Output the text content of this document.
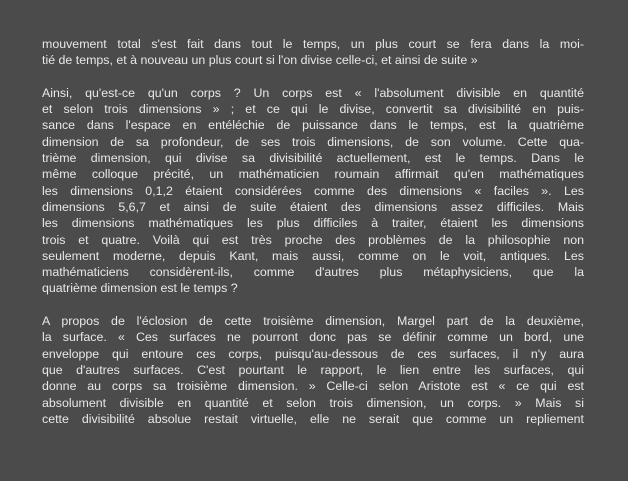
mouvement total s'est fait dans tout le temps, un plus court se fera dans la moi-
tié de temps, et à nouveau un plus court si l'on divise celle-ci, et ainsi de suite »
Ainsi, qu'est-ce qu'un corps ? Un corps est « l'absolument divisible en quantité
et selon trois dimensions » ; et ce qui le divise, convertit sa divisibilité en puis-
sance dans l'espace en entéléchie de puissance dans le temps, est la quatrième
dimension de sa profondeur, de ses trois dimensions, de son volume. Cette qua-
trième dimension, qui divise sa divisibilité actuellement, est le temps. Dans le
même colloque précité, un mathématicien roumain affirmait qu'en mathématiques
les dimensions 0,1,2 étaient considérées comme des dimensions « faciles ». Les
dimensions 5,6,7 et ainsi de suite étaient des dimensions assez difficiles. Mais
les dimensions mathématiques les plus difficiles à traiter, étaient les dimensions
trois et quatre. Voilà qui est très proche des problèmes de la philosophie non
seulement moderne, depuis Kant, mais aussi, comme on le voit, antiques. Les
mathématiciens considèrent-ils, comme d'autres plus métaphysiciens, que la
quatrième dimension est le temps ?
A propos de l'éclosion de cette troisième dimension, Margel part de la deuxième,
la surface. « Ces surfaces ne pourront donc pas se définir comme un bord, une
enveloppe qui entoure ces corps, puisqu'au-dessous de ces surfaces, il n'y aura
que d'autres surfaces. C'est pourtant le rapport, le lien entre les surfaces, qui
donne au corps sa troisième dimension. » Celle-ci selon Aristote est « ce qui est
absolument divisible en quantité et selon trois dimension, un corps. » Mais si
cette divisibilité absolue restait virtuelle, elle ne serait que comme un repliement
